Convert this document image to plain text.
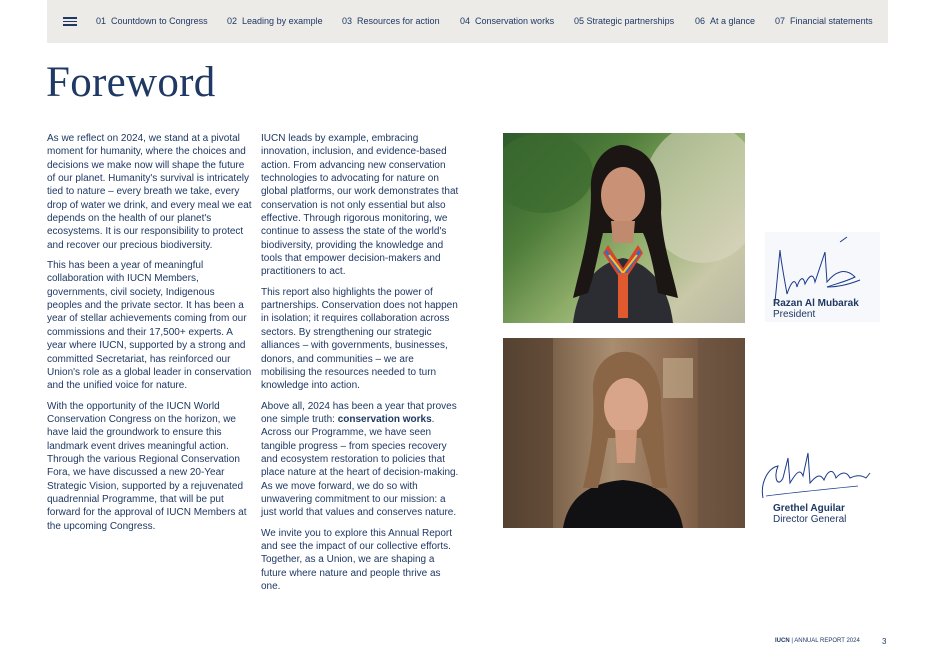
01 Countdown to Congress 02 Leading by example 03 Resources for action 04 Conservation works 05 Strategic partnerships 06 At a glance 07 Financial statements
Foreword

As we reflect on 2024, we stand at a pivotal moment for humanity, where the choices and decisions we make now will shape the future of our planet. Humanity's survival is intricately tied to nature – every breath we take, every drop of water we drink, and every meal we eat depends on the health of our planet's ecosystems. It is our responsibility to protect and recover our precious biodiversity.

This has been a year of meaningful collaboration with IUCN Members, governments, civil society, Indigenous peoples and the private sector. It has been a year of stellar achievements coming from our commissions and their 17,500+ experts. A year where IUCN, supported by a strong and committed Secretariat, has reinforced our Union's role as a global leader in conservation and the unified voice for nature.

With the opportunity of the IUCN World Conservation Congress on the horizon, we have laid the groundwork to ensure this landmark event drives meaningful action. Through the various Regional Conservation Fora, we have discussed a new 20-Year Strategic Vision, supported by a rejuvenated quadrennial Programme, that will be put forward for the approval of IUCN Members at the upcoming Congress.

IUCN leads by example, embracing innovation, inclusion, and evidence-based action. From advancing new conservation technologies to advocating for nature on global platforms, our work demonstrates that conservation is not only essential but also effective. Through rigorous monitoring, we continue to assess the state of the world's biodiversity, providing the knowledge and tools that empower decision-makers and practitioners to act.

This report also highlights the power of partnerships. Conservation does not happen in isolation; it requires collaboration across sectors. By strengthening our strategic alliances – with governments, businesses, donors, and communities – we are mobilising the resources needed to turn knowledge into action.

Above all, 2024 has been a year that proves one simple truth: conservation works. Across our Programme, we have seen tangible progress – from species recovery and ecosystem restoration to policies that place nature at the heart of decision-making. As we move forward, we do so with unwavering commitment to our mission: a just world that values and conserves nature.

We invite you to explore this Annual Report and see the impact of our collective efforts. Together, as a Union, we are shaping a future where nature and people thrive as one.

Razan Al Mubarak
President
Grethel Aguilar
Director General
IUCN | ANNUAL REPORT 2024	3
